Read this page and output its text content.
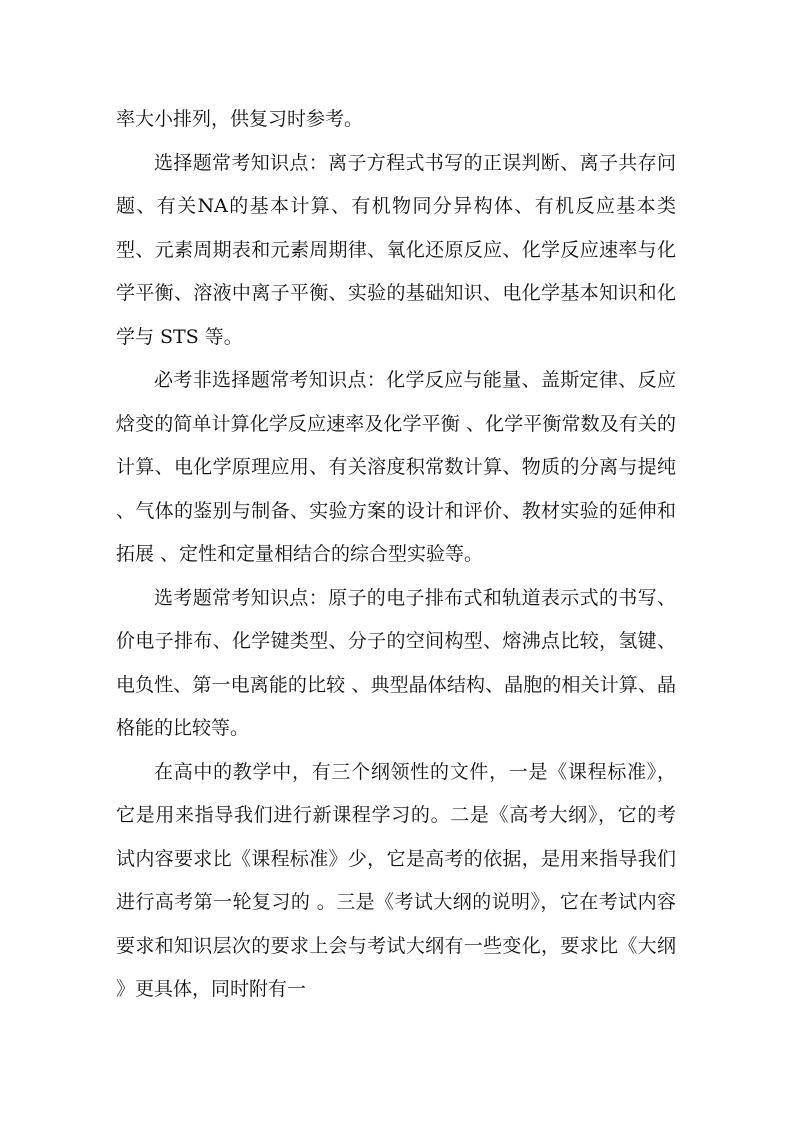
率大小排列，供复习时参考。

选择题常考知识点：离子方程式书写的正误判断、离子共存问题、有关NA的基本计算、有机物同分异构体、有机反应基本类型、元素周期表和元素周期律、氧化还原反应、化学反应速率与化学平衡、溶液中离子平衡、实验的基础知识、电化学基本知识和化学与 STS 等。

必考非选择题常考知识点：化学反应与能量、盖斯定律、反应焓变的简单计算化学反应速率及化学平衡 、化学平衡常数及有关的计算、电化学原理应用、有关溶度积常数计算、物质的分离与提纯 、气体的鉴别与制备、实验方案的设计和评价、教材实验的延伸和拓展 、定性和定量相结合的综合型实验等。

选考题常考知识点：原子的电子排布式和轨道表示式的书写、价电子排布、化学键类型、分子的空间构型、熔沸点比较，氢键、电负性、第一电离能的比较 、典型晶体结构、晶胞的相关计算、晶格能的比较等。

在高中的教学中，有三个纲领性的文件，一是《课程标准》，它是用来指导我们进行新课程学习的。二是《高考大纲》，它的考试内容要求比《课程标准》少，它是高考的依据，是用来指导我们进行高考第一轮复习的 。三是《考试大纲的说明》，它在考试内容要求和知识层次的要求上会与考试大纲有一些变化，要求比《大纲 》更具体，同时附有一
